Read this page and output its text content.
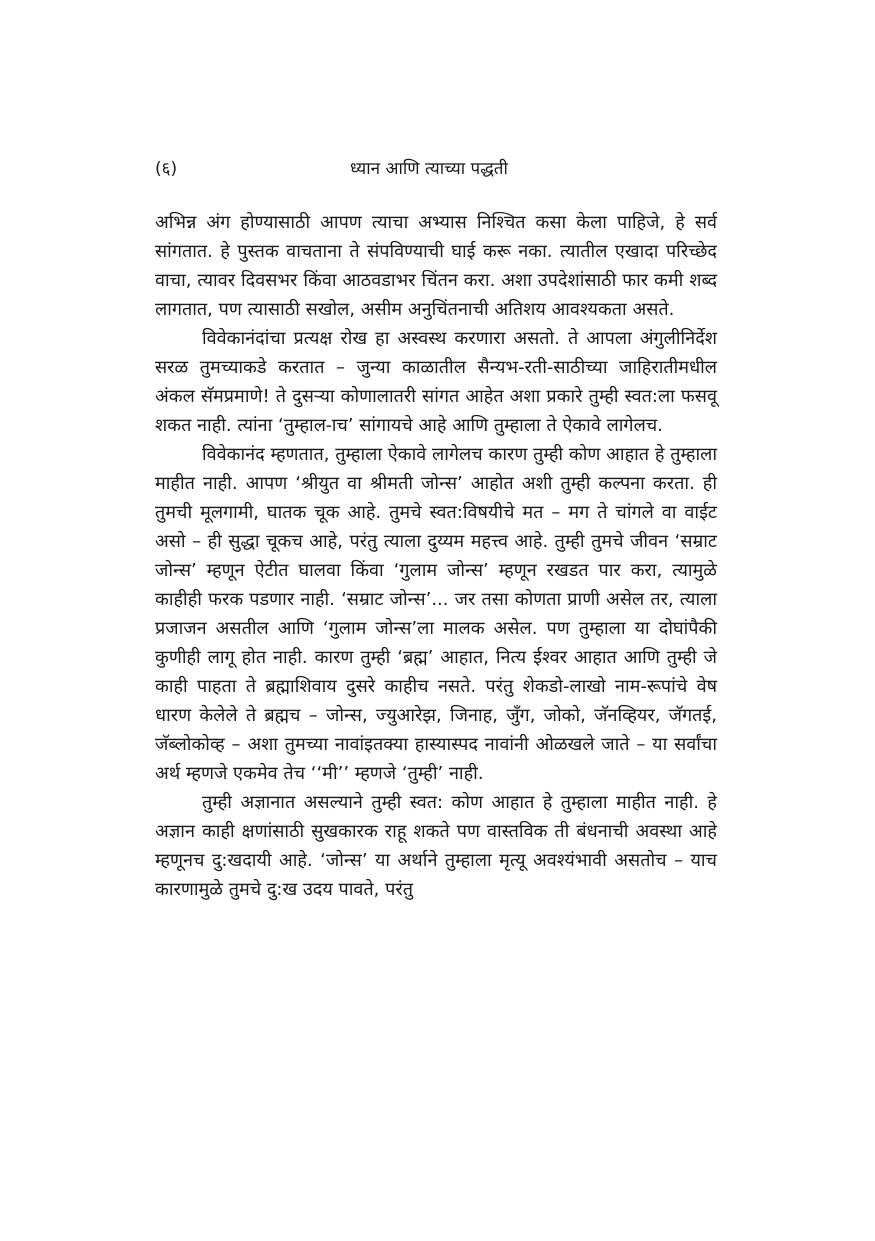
(६)	ध्यान आणि त्याच्या पद्धती

अभिन्न अंग होण्यासाठी आपण त्याचा अभ्यास निश्चित कसा केला पाहिजे, हे सर्व सांगतात. हे पुस्तक वाचताना ते संपविण्याची घाई करू नका. त्यातील एखादा परिच्छेद वाचा, त्यावर दिवसभर किंवा आठवडाभर चिंतन करा. अशा उपदेशांसाठी फार कमी शब्द लागतात, पण त्यासाठी सखोल, असीम अनुचिंतनाची अतिशय आवश्यकता असते.

विवेकानंदांचा प्रत्यक्ष रोख हा अस्वस्थ करणारा असतो. ते आपला अंगुलीनिर्देश सरळ तुमच्याकडे करतात – जुन्या काळातील सैन्यभ-रती-साठीच्या जाहिरातीमधील अंकल सॅमप्रमाणे! ते दुसऱ्या कोणालातरी सांगत आहेत अशा प्रकारे तुम्ही स्वत:ला फसवू शकत नाही. त्यांना ‘तुम्हाल-ाच’ सांगायचे आहे आणि तुम्हाला ते ऐकावे लागेलच.

विवेकानंद म्हणतात, तुम्हाला ऐकावे लागेलच कारण तुम्ही कोण आहात हे तुम्हाला माहीत नाही. आपण ‘श्रीयुत वा श्रीमती जोन्स’ आहोत अशी तुम्ही कल्पना करता. ही तुमची मूलगामी, घातक चूक आहे. तुमचे स्वत:विषयीचे मत – मग ते चांगले वा वाईट असो – ही सुद्धा चूकच आहे, परंतु त्याला दुय्यम महत्त्व आहे. तुम्ही तुमचे जीवन ‘सम्राट जोन्स’ म्हणून ऐटीत घालवा किंवा ‘गुलाम जोन्स’ म्हणून रखडत पार करा, त्यामुळे काहीही फरक पडणार नाही. ‘सम्राट जोन्स’... जर तसा कोणता प्राणी असेल तर, त्याला प्रजाजन असतील आणि ‘गुलाम जोन्स’ला मालक असेल. पण तुम्हाला या दोघांपैकी कुणीही लागू होत नाही. कारण तुम्ही ‘ब्रह्म’ आहात, नित्य ईश्वर आहात आणि तुम्ही जे काही पाहता ते ब्रह्माशिवाय दुसरे काहीच नसते. परंतु शेकडो-लाखो नाम-रूपांचे वेष धारण केलेले ते ब्रह्मच – जोन्स, ज्युआरेझ, जिनाह, जुँग, जोको, जॅनव्हियर, जॅगतई, जॅब्लोकोव्ह – अशा तुमच्या नावांइतक्या हास्यास्पद नावांनी ओळखले जाते – या सर्वांचा अर्थ म्हणजे एकमेव तेच ‘‘मी’’ म्हणजे ‘तुम्ही’ नाही.

तुम्ही अज्ञानात असल्याने तुम्ही स्वत: कोण आहात हे तुम्हाला माहीत नाही. हे अज्ञान काही क्षणांसाठी सुखकारक राहू शकते पण वास्तविक ती बंधनाची अवस्था आहे म्हणूनच दु:खदायी आहे. ‘जोन्स’ या अर्थाने तुम्हाला मृत्यू अवश्यंभावी असतोच – याच कारणामुळे तुमचे दु:ख उदय पावते, परंतु
